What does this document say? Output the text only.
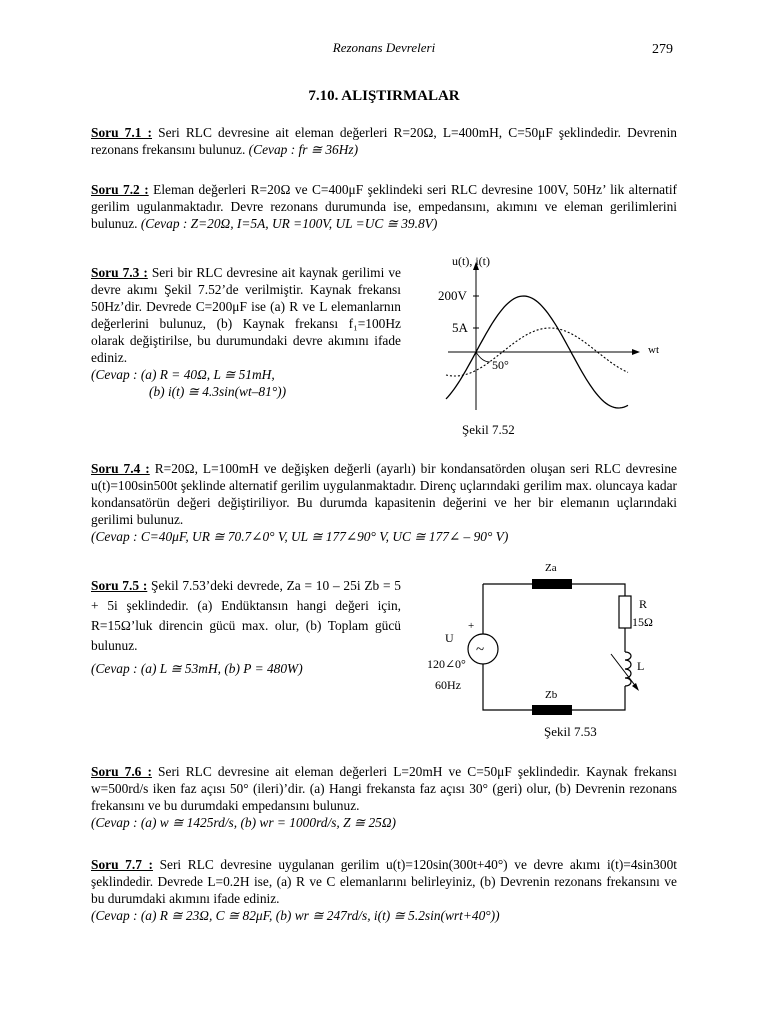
Rezonans Devreleri	279
7.10. ALIŞTIRMALAR

Soru 7.1 : Seri RLC devresine ait eleman değerleri R=20Ω, L=400mH, C=50μF şeklindedir. Devrenin rezonans frekansını bulunuz. (Cevap : fr ≅ 36Hz)

Soru 7.2 : Eleman değerleri R=20Ω ve C=400μF şeklindeki seri RLC devresine 100V, 50Hz’ lik alternatif gerilim ugulanmaktadır. Devre rezonans durumunda ise, empedansını, akımını ve eleman gerilimlerini bulunuz. (Cevap : Z=20Ω, I=5A, UR =100V, UL =UC ≅ 39.8V)

Soru 7.3 : Seri bir RLC devresine ait kaynak gerilimi ve devre akımı Şekil 7.52’de verilmiştir. Kaynak frekansı 50Hz’dir. Devrede C=200μF ise (a) R ve L elemanlarnın değerlerini bulunuz, (b) Kaynak frekansı f₁=100Hz olarak değiştirilse, bu durumundaki devre akımını ifade ediniz.

(Cevap : (a) R = 40Ω, L ≅ 51mH,

(b) i(t) ≅ 4.3sin(wt–81°))

u(t), i(t)
200V
5A
wt
50°
Şekil 7.52

Soru 7.4 : R=20Ω, L=100mH ve değişken değerli (ayarlı) bir kondansatörden oluşan seri RLC devresine u(t)=100sin500t şeklinde alternatif gerilim uygulanmaktadır. Direnç uçlarındaki gerilim max. oluncaya kadar kondansatörün değeri değiştiriliyor. Bu durumda kapasitenin değerini ve her bir elemanın uçlarındaki gerilimi bulunuz.

(Cevap : C=40μF, UR ≅ 70.7∠0° V, UL ≅ 177∠90° V, UC ≅ 177∠ – 90° V)

Soru 7.5 : Şekil 7.53’deki devrede, Za = 10 – 25i Zb = 5 + 5i şeklindedir. (a) Endüktansın hangi değeri için, R=15Ω’luk direncin gücü max. olur, (b) Toplam gücü bulunuz.

(Cevap : (a) L ≅ 53mH, (b) P = 480W)

Za
Zb
R
15Ω
L
~
+
U
120∠0°
60Hz
Şekil 7.53

Soru 7.6 : Seri RLC devresine ait eleman değerleri L=20mH ve C=50μF şeklindedir. Kaynak frekansı w=500rd/s iken faz açısı 50° (ileri)’dir. (a) Hangi frekansta faz açısı 30° (geri) olur, (b) Devrenin rezonans frekansını ve bu durumdaki empedansını bulunuz.

(Cevap : (a) w ≅ 1425rd/s, (b) wr = 1000rd/s, Z ≅ 25Ω)

Soru 7.7 : Seri RLC devresine uygulanan gerilim u(t)=120sin(300t+40°) ve devre akımı i(t)=4sin300t şeklindedir. Devrede L=0.2H ise, (a) R ve C elemanlarını belirleyiniz, (b) Devrenin rezonans frekansını ve bu durumdaki akımını ifade ediniz.

(Cevap : (a) R ≅ 23Ω, C ≅ 82μF, (b) wr ≅ 247rd/s, i(t) ≅ 5.2sin(wrt+40°))
